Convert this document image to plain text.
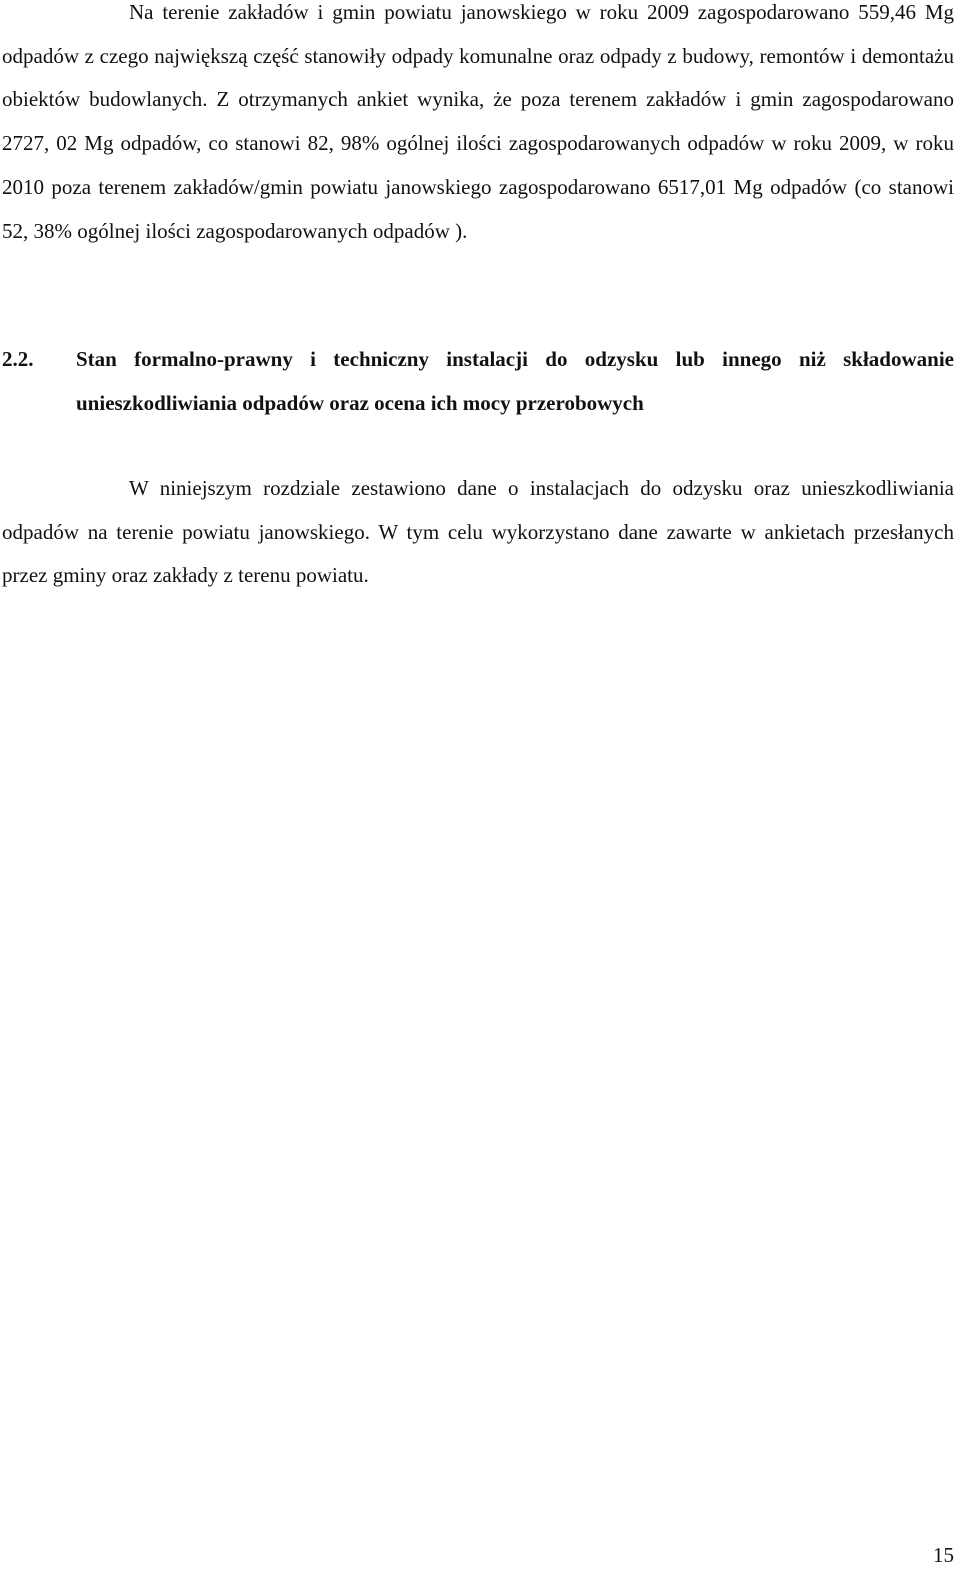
Na terenie zakładów i gmin powiatu janowskiego w roku 2009 zagospodarowano 559,46 Mg odpadów z czego największą część stanowiły odpady komunalne oraz odpady z budowy, remontów i demontażu obiektów budowlanych. Z otrzymanych ankiet wynika, że poza terenem zakładów i gmin zagospodarowano 2727, 02 Mg odpadów, co stanowi 82, 98% ogólnej ilości zagospodarowanych odpadów w roku 2009, w roku 2010 poza terenem zakładów/gmin powiatu janowskiego zagospodarowano 6517,01 Mg odpadów (co stanowi 52, 38% ogólnej ilości zagospodarowanych odpadów ).

2.2. Stan formalno-prawny i techniczny instalacji do odzysku lub innego niż składowanie unieszkodliwiania odpadów oraz ocena ich mocy przerobowych

W niniejszym rozdziale zestawiono dane o instalacjach do odzysku oraz unieszkodliwiania odpadów na terenie powiatu janowskiego. W tym celu wykorzystano dane zawarte w ankietach przesłanych przez gminy oraz zakłady z terenu powiatu.

15
